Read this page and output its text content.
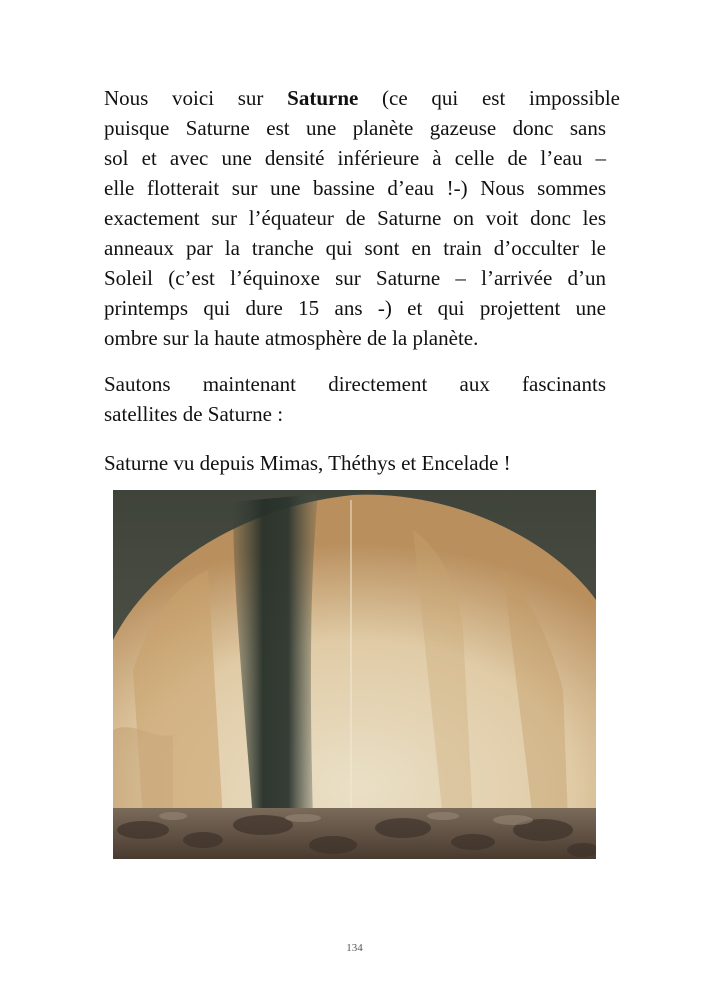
Nous voici sur Saturne (ce qui est impossible
puisque Saturne est une planète gazeuse donc sans
sol et avec une densité inférieure à celle de l’eau –
elle flotterait sur une bassine d’eau !-) Nous sommes
exactement sur l’équateur de Saturne on voit donc les
anneaux par la tranche qui sont en train d’occulter le
Soleil (c’est l’équinoxe sur Saturne – l’arrivée d’un
printemps qui dure 15 ans -) et qui projettent une
ombre sur la haute atmosphère de la planète.

Sautons maintenant directement aux fascinants
satellites de Saturne :

Saturne vu depuis Mimas, Théthys et Encelade !

134
